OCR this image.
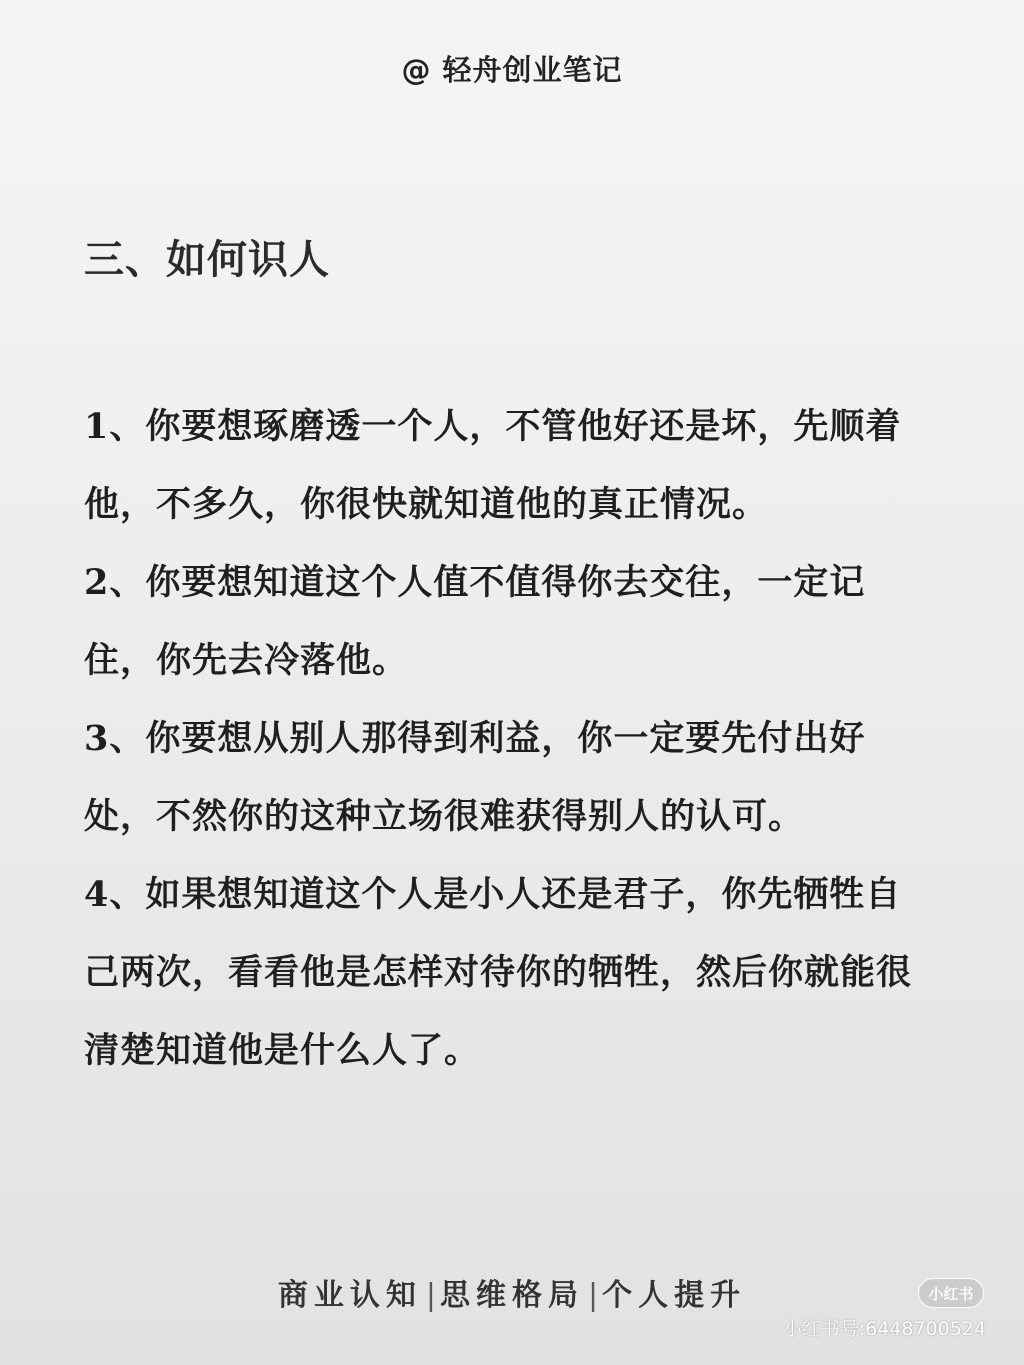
@ 轻舟创业笔记
三、如何识人

1、你要想琢磨透一个人，不管他好还是坏，先顺着他，不多久，你很快就知道他的真正情况。

2、你要想知道这个人值不值得你去交往，一定记住，你先去冷落他。

3、你要想从别人那得到利益，你一定要先付出好处，不然你的这种立场很难获得别人的认可。

4、如果想知道这个人是小人还是君子，你先牺牲自己两次，看看他是怎样对待你的牺牲，然后你就能很清楚知道他是什么人了。

商业认知 | 思维格局 | 个人提升	小红书
小红书号:6448700524
